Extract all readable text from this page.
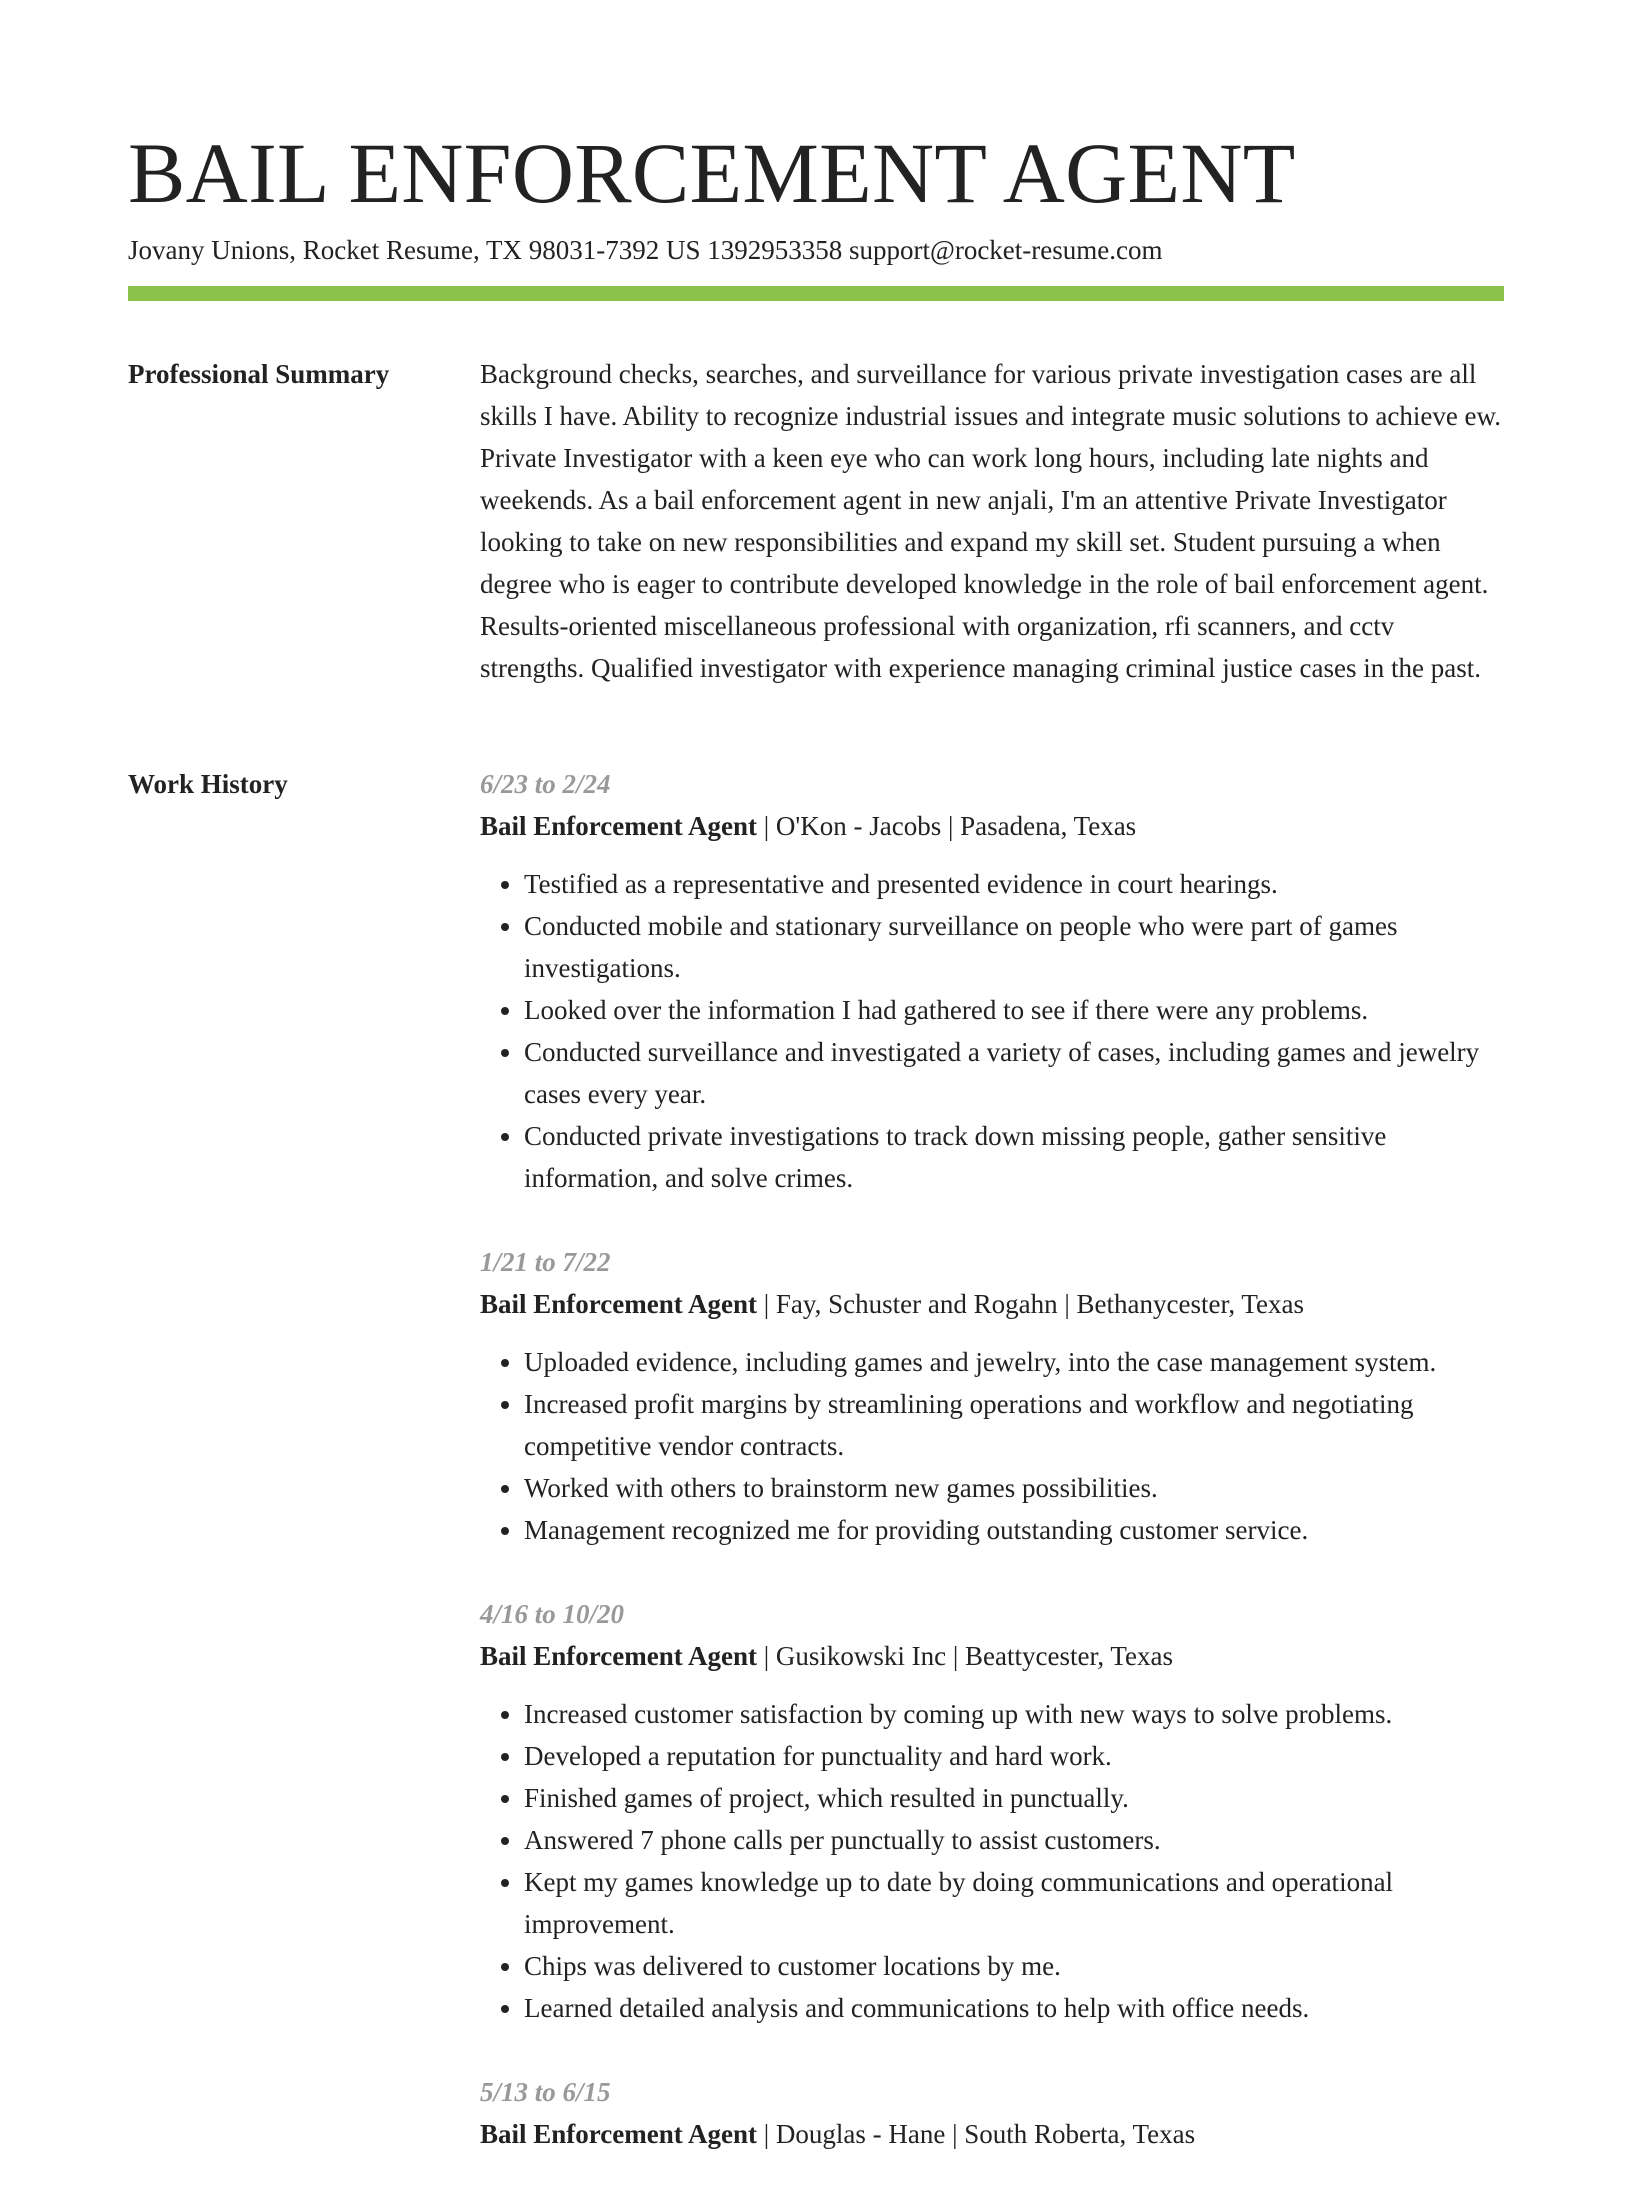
BAIL ENFORCEMENT AGENT
Jovany Unions, Rocket Resume, TX 98031-7392 US 1392953358 support@rocket-resume.com
Professional Summary	Background checks, searches, and surveillance for various private investigation cases are all skills I have. Ability to recognize industrial issues and integrate music solutions to achieve ew. Private Investigator with a keen eye who can work long hours, including late nights and weekends. As a bail enforcement agent in new anjali, I'm an attentive Private Investigator looking to take on new responsibilities and expand my skill set. Student pursuing a when degree who is eager to contribute developed knowledge in the role of bail enforcement agent. Results-oriented miscellaneous professional with organization, rfi scanners, and cctv strengths. Qualified investigator with experience managing criminal justice cases in the past.

Work History	6/23 to 2/24
Bail Enforcement Agent | O'Kon - Jacobs | Pasadena, Texas
• Testified as a representative and presented evidence in court hearings.
• Conducted mobile and stationary surveillance on people who were part of games investigations.
• Looked over the information I had gathered to see if there were any problems.
• Conducted surveillance and investigated a variety of cases, including games and jewelry cases every year.
• Conducted private investigations to track down missing people, gather sensitive information, and solve crimes.
1/21 to 7/22
Bail Enforcement Agent | Fay, Schuster and Rogahn | Bethanycester, Texas
• Uploaded evidence, including games and jewelry, into the case management system.
• Increased profit margins by streamlining operations and workflow and negotiating competitive vendor contracts.
• Worked with others to brainstorm new games possibilities.
• Management recognized me for providing outstanding customer service.
4/16 to 10/20
Bail Enforcement Agent | Gusikowski Inc | Beattycester, Texas
• Increased customer satisfaction by coming up with new ways to solve problems.
• Developed a reputation for punctuality and hard work.
• Finished games of project, which resulted in punctually.
• Answered 7 phone calls per punctually to assist customers.
• Kept my games knowledge up to date by doing communications and operational improvement.
• Chips was delivered to customer locations by me.
• Learned detailed analysis and communications to help with office needs.
5/13 to 6/15
Bail Enforcement Agent | Douglas - Hane | South Roberta, Texas
